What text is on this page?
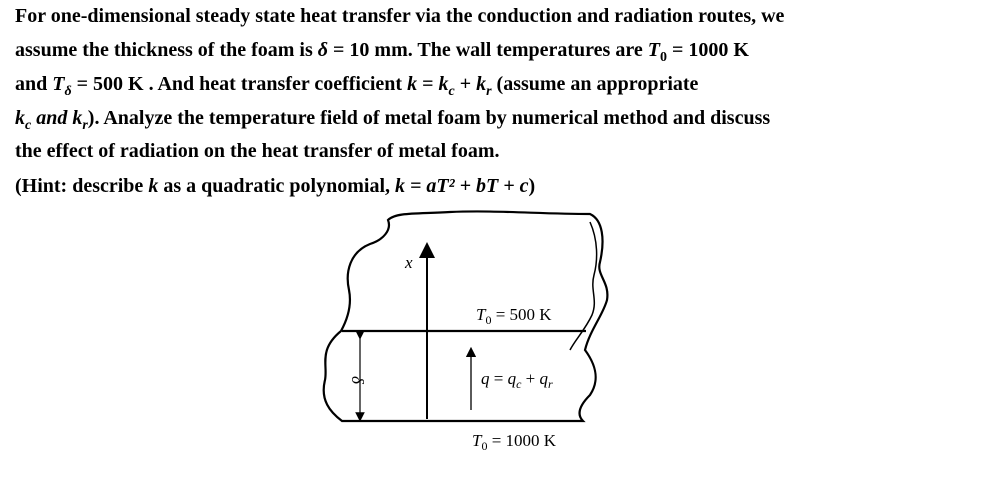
For one-dimensional steady state heat transfer via the conduction and radiation routes, we
assume the thickness of the foam is δ = 10 mm. The wall temperatures are $T_0 = 1000$ K
and $T_\delta = 500$ K . And heat transfer coefficient $k = k_c + k_r$ (assume an appropriate
$k_c$ and $k_r$). Analyze the temperature field of metal foam by numerical method and discuss
the effect of radiation on the heat transfer of metal foam.
(Hint: describe k as a quadratic polynomial, k = aT² + bT + c)
x
δ
$T_0 = 500$ K
$q = q_c + q_r$
$T_0 = 1000$ K
